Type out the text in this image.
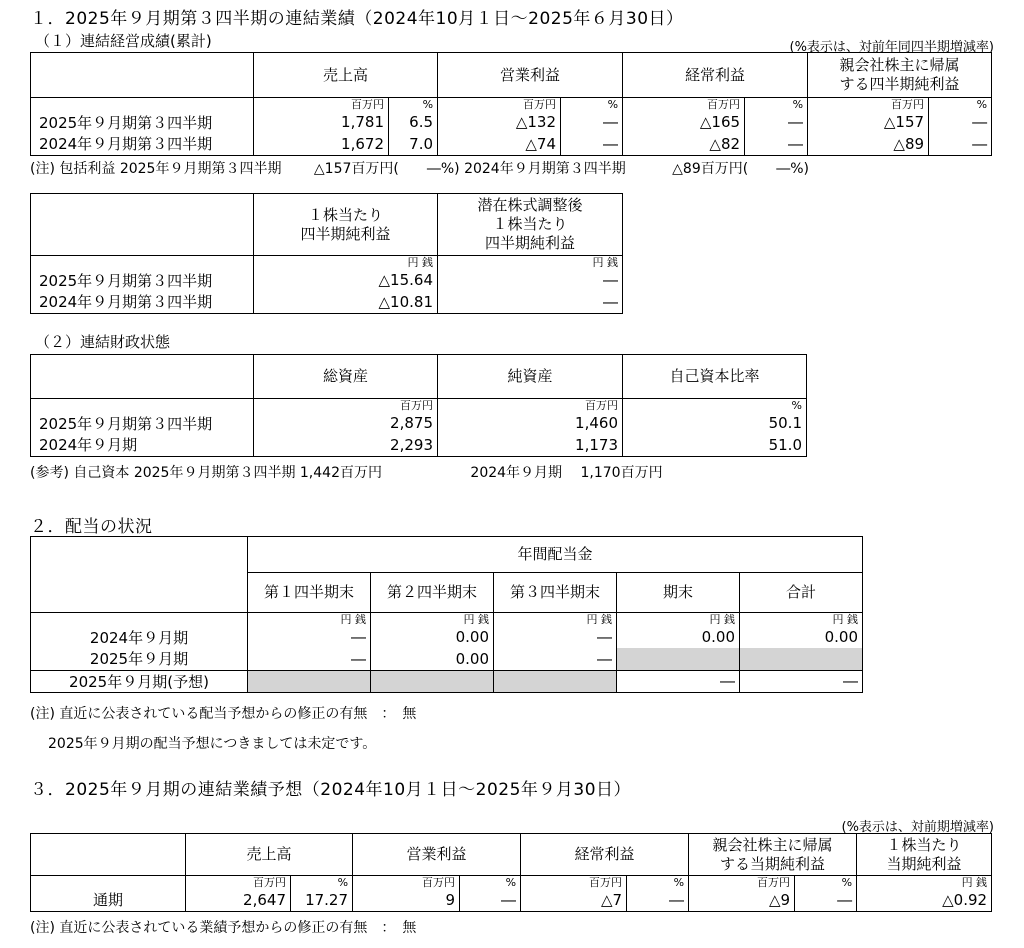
１．2025年９月期第３四半期の連結業績（2024年10月１日～2025年６月30日）
（１）連結経営成績(累計)	(%表示は、対前年同四半期増減率)
	売上高		営業利益		経常利益		親会社株主に帰属
する四半期純利益	
	百万円	%	百万円	%	百万円	%	百万円	%
2025年９月期第３四半期	1,781	6.5	△132	―	△165	―	△157	―
2024年９月期第３四半期	1,672	7.0	△74	―	△82	―	△89	―
(注) 包括利益 2025年９月期第３四半期　　 △157百万円(　　―%) 2024年９月期第３四半期　　　 △89百万円(　　―%)
	１株当たり
四半期純利益	潜在株式調整後
１株当たり
四半期純利益
	円 銭	円 銭
2025年９月期第３四半期	△15.64	―
2024年９月期第３四半期	△10.81	―
（２）連結財政状態
	総資産	純資産	自己資本比率
	百万円	百万円	%
2025年９月期第３四半期	2,875	1,460	50.1
2024年９月期	2,293	1,173	51.0
(参考) 自己資本 2025年９月期第３四半期 1,442百万円　　　　　　 2024年９月期　 1,170百万円
２．配当の状況
	年間配当金				
	第１四半期末	第２四半期末	第３四半期末	期末	合計
	円 銭	円 銭	円 銭	円 銭	円 銭
2024年９月期	―	0.00	―	0.00	0.00
2025年９月期	―	0.00	―		
2025年９月期(予想)				―	―
(注) 直近に公表されている配当予想からの修正の有無　：　無
2025年９月期の配当予想につきましては未定です。
３．2025年９月期の連結業績予想（2024年10月１日～2025年９月30日）
(%表示は、対前期増減率)
	売上高		営業利益		経常利益		親会社株主に帰属
する当期純利益		１株当たり
当期純利益
	百万円	%	百万円	%	百万円	%	百万円	%	円 銭
通期	2,647	17.27	9	―	△7	―	△9	―	△0.92
(注) 直近に公表されている業績予想からの修正の有無　：　無
